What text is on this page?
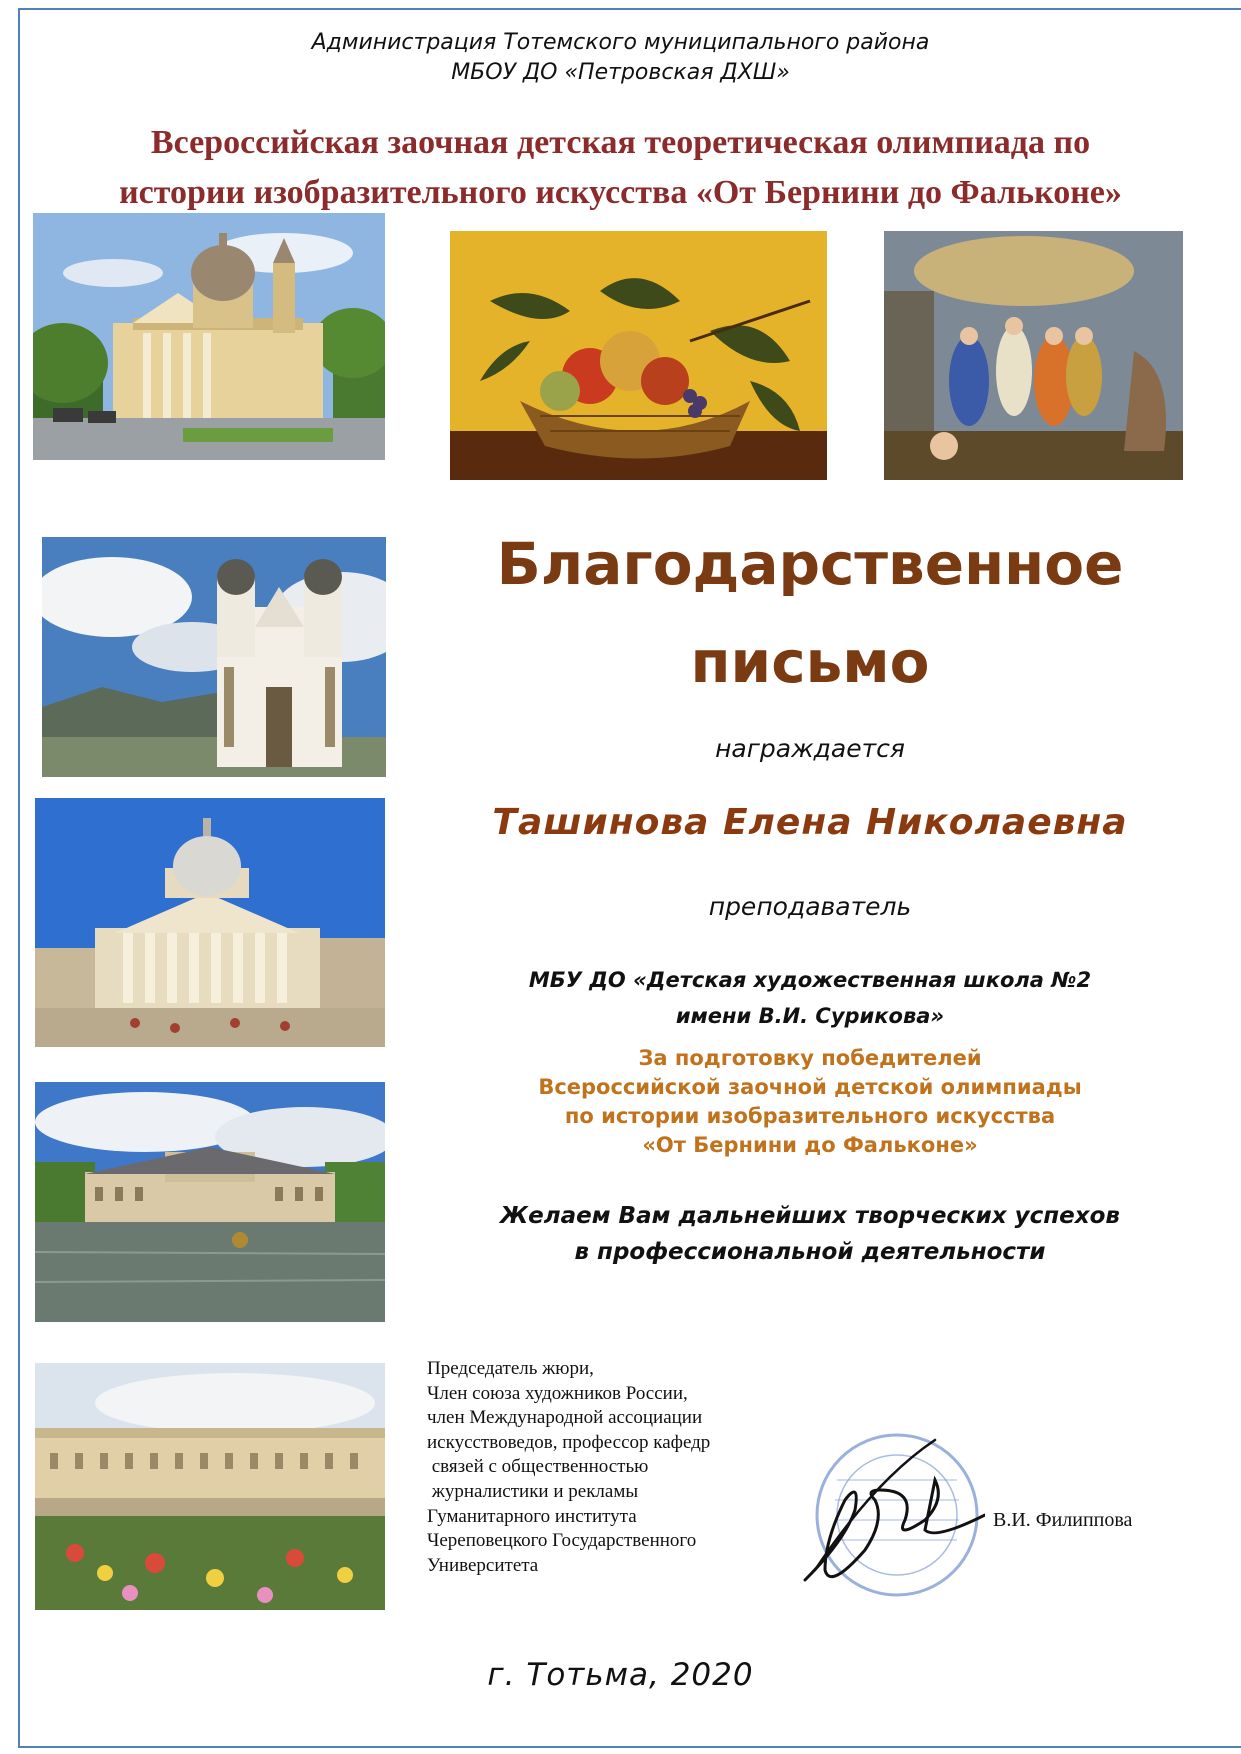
Администрация Тотемского муниципального района
МБОУ ДО «Петровская ДХШ»
Всероссийская заочная детская теоретическая олимпиада по
истории изобразительного искусства «От Бернини до Фальконе»
Благодарственное
письмо
награждается
Ташинова Елена Николаевна
преподаватель
МБУ ДО «Детская художественная школа №2
имени В.И. Сурикова»
За подготовку победителей
Всероссийской заочной детской олимпиады
по истории изобразительного искусства
«От Бернини до Фальконе»
Желаем Вам дальнейших творческих успехов
в профессиональной деятельности
Председатель жюри,
Член союза художников России,
член Международной ассоциации
искусствоведов, профессор кафедр
связей с общественностью
журналистики и рекламы
Гуманитарного института
Череповецкого Государственного
Университета
В.И. Филиппова
г. Тотьма, 2020
